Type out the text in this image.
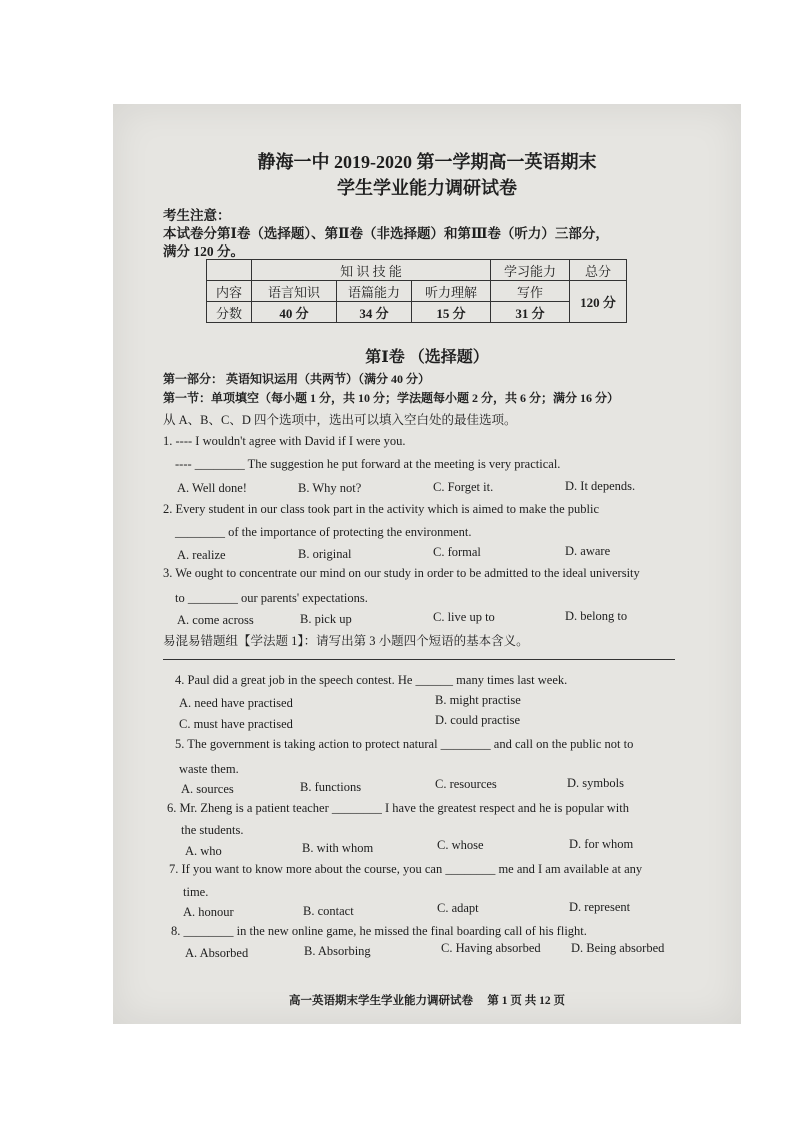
静海一中 2019-2020 第一学期高一英语期末
学生学业能力调研试卷
考生注意：
本试卷分第Ⅰ卷（选择题）、第Ⅱ卷（非选择题）和第Ⅲ卷（听力）三部分，
满分 120 分。
	知 识 技 能			学习能力	总分
内容	语言知识	语篇能力	听力理解	写作	120 分
分数	40 分	34 分	15 分	31 分	
第Ⅰ卷 （选择题）
第一部分： 英语知识运用（共两节）（满分 40 分）
第一节：单项填空（每小题 1 分，共 10 分；学法题每小题 2 分，共 6 分；满分 16 分）
从 A、B、C、D 四个选项中，选出可以填入空白处的最佳选项。
1. ---- I wouldn't agree with David if I were you.
---- ________ The suggestion he put forward at the meeting is very practical.
A. Well done!	B. Why not?	C. Forget it.	D. It depends.
2. Every student in our class took part in the activity which is aimed to make the public
________ of the importance of protecting the environment.
A. realize	B. original	C. formal	D. aware
3. We ought to concentrate our mind on our study in order to be admitted to the ideal university
to ________ our parents' expectations.
A. come across	B. pick up	C. live up to	D. belong to
易混易错题组【学法题 1】：请写出第 3 小题四个短语的基本含义。
4. Paul did a great job in the speech contest. He ______ many times last week.
A. need have practised	B. might practise
C. must have practised	D. could practise
5. The government is taking action to protect natural ________ and call on the public not to
waste them.
A. sources	B. functions	C. resources	D. symbols
6. Mr. Zheng is a patient teacher ________ I have the greatest respect and he is popular with
the students.
A. who	B. with whom	C. whose	D. for whom
7. If you want to know more about the course, you can ________ me and I am available at any
time.
A. honour	B. contact	C. adapt	D. represent
8. ________ in the new online game, he missed the final boarding call of his flight.
A. Absorbed	B. Absorbing	C. Having absorbed D. Being absorbed
高一英语期末学生学业能力调研试卷　 第 1 页 共 12 页
